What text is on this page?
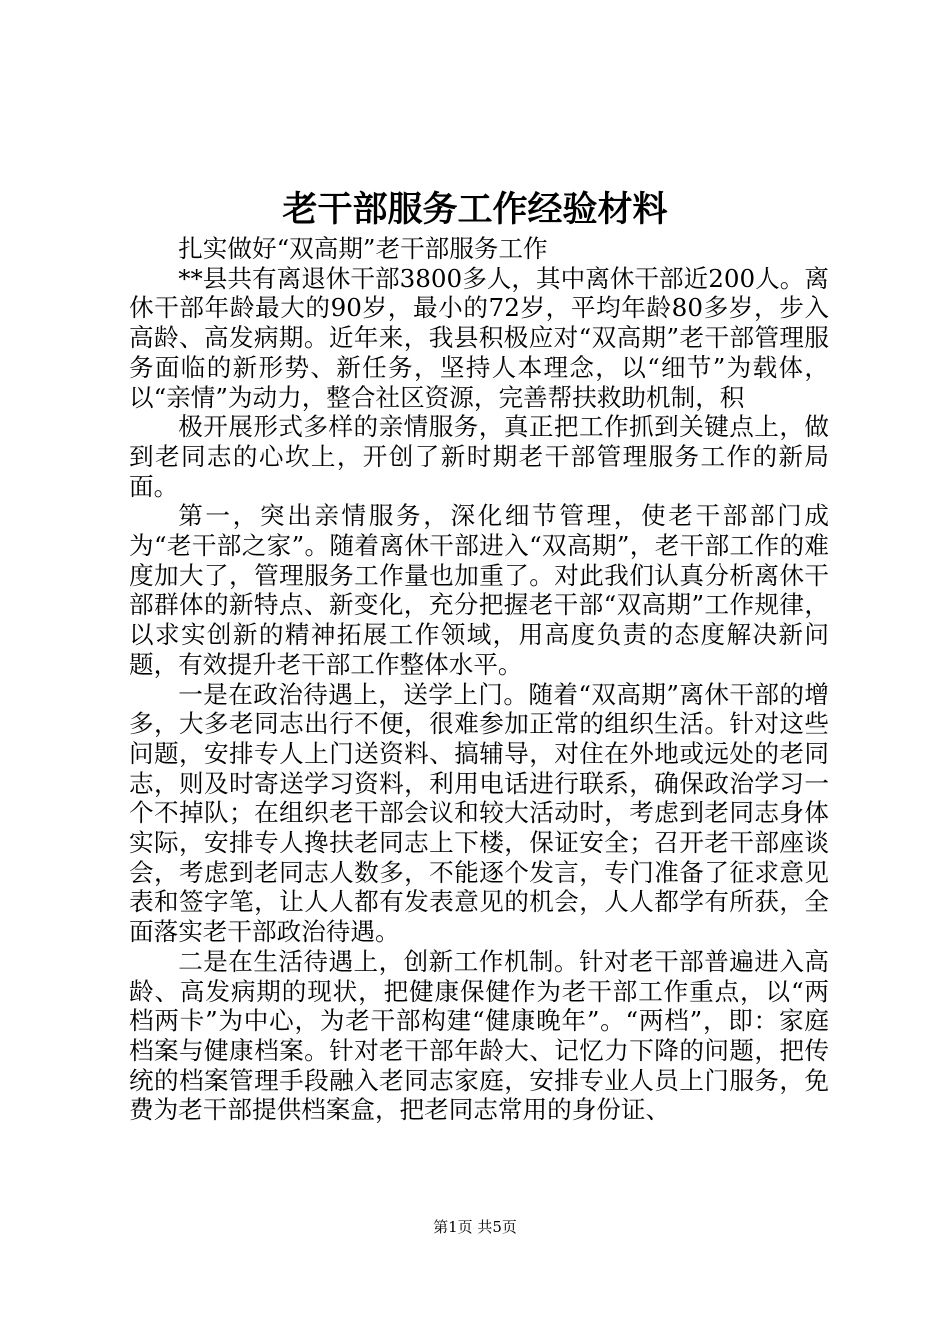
老干部服务工作经验材料

扎实做好“双高期”老干部服务工作

**县共有离退休干部3800多人，其中离休干部近200人。离休干部年龄最大的90岁，最小的72岁，平均年龄80多岁，步入高龄、高发病期。近年来，我县积极应对“双高期”老干部管理服务面临的新形势、新任务，坚持人本理念，以“细节”为载体，以“亲情”为动力，整合社区资源，完善帮扶救助机制，积

极开展形式多样的亲情服务，真正把工作抓到关键点上，做到老同志的心坎上，开创了新时期老干部管理服务工作的新局面。

第一，突出亲情服务，深化细节管理，使老干部部门成为“老干部之家”。随着离休干部进入“双高期”，老干部工作的难度加大了，管理服务工作量也加重了。对此我们认真分析离休干部群体的新特点、新变化，充分把握老干部“双高期”工作规律，以求实创新的精神拓展工作领域，用高度负责的态度解决新问题，有效提升老干部工作整体水平。

一是在政治待遇上，送学上门。随着“双高期”离休干部的增多，大多老同志出行不便，很难参加正常的组织生活。针对这些问题，安排专人上门送资料、搞辅导，对住在外地或远处的老同志，则及时寄送学习资料，利用电话进行联系，确保政治学习一个不掉队；在组织老干部会议和较大活动时，考虑到老同志身体实际，安排专人搀扶老同志上下楼，保证安全；召开老干部座谈会，考虑到老同志人数多，不能逐个发言，专门准备了征求意见表和签字笔，让人人都有发表意见的机会，人人都学有所获，全面落实老干部政治待遇。

二是在生活待遇上，创新工作机制。针对老干部普遍进入高龄、高发病期的现状，把健康保健作为老干部工作重点，以“两档两卡”为中心，为老干部构建“健康晚年”。“两档”，即：家庭档案与健康档案。针对老干部年龄大、记忆力下降的问题，把传统的档案管理手段融入老同志家庭，安排专业人员上门服务，免费为老干部提供档案盒，把老同志常用的身份证、

第1页 共5页
